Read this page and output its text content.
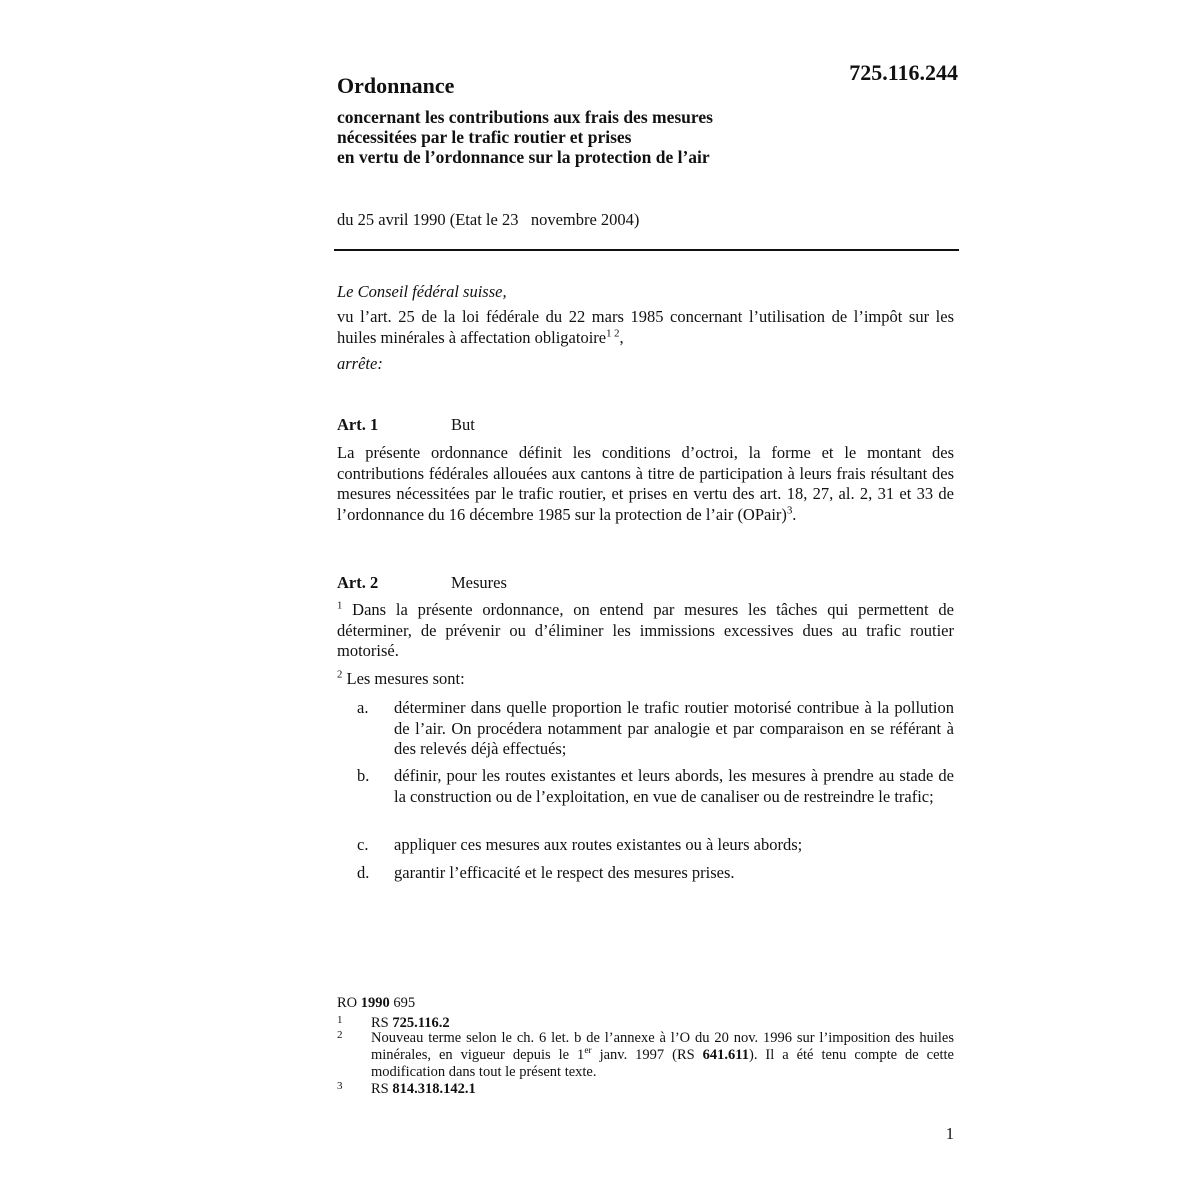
725.116.244
Ordonnance
concernant les contributions aux frais des mesures
nécessitées par le trafic routier et prises
en vertu de l’ordonnance sur la protection de l’air
du 25 avril 1990 (Etat le 23   novembre 2004)
Le Conseil fédéral suisse,
vu l’art. 25 de la loi fédérale du 22 mars 1985 concernant l’utilisation de l’impôt sur les huiles minérales à affectation obligatoire$^{1 2}$,
arrête:
Art. 1	But
La présente ordonnance définit les conditions d’octroi, la forme et le montant des contributions fédérales allouées aux cantons à titre de participation à leurs frais résultant des mesures nécessitées par le trafic routier, et prises en vertu des art. 18, 27, al. 2, 31 et 33 de l’ordonnance du 16 décembre 1985 sur la protection de l’air (OPair)$^3$.
Art. 2	Mesures
$^1$ Dans la présente ordonnance, on entend par mesures les tâches qui permettent de déterminer, de prévenir ou d’éliminer les immissions excessives dues au trafic routier motorisé.
$^2$ Les mesures sont:
a.	déterminer dans quelle proportion le trafic routier motorisé contribue à la pollution de l’air. On procédera notamment par analogie et par comparaison en se référant à des relevés déjà effectués;
b.	définir, pour les routes existantes et leurs abords, les mesures à prendre au stade de la construction ou de l’exploitation, en vue de canaliser ou de restreindre le trafic;
c.	appliquer ces mesures aux routes existantes ou à leurs abords;
d.	garantir l’efficacité et le respect des mesures prises.
RO 1990 695
1	RS 725.116.2
2	Nouveau terme selon le ch. 6 let. b de l’annexe à l’O du 20 nov. 1996 sur l’imposition des huiles minérales, en vigueur depuis le 1er janv. 1997 (RS 641.611). Il a été tenu compte de cette modification dans tout le présent texte.
3	RS 814.318.142.1
1
